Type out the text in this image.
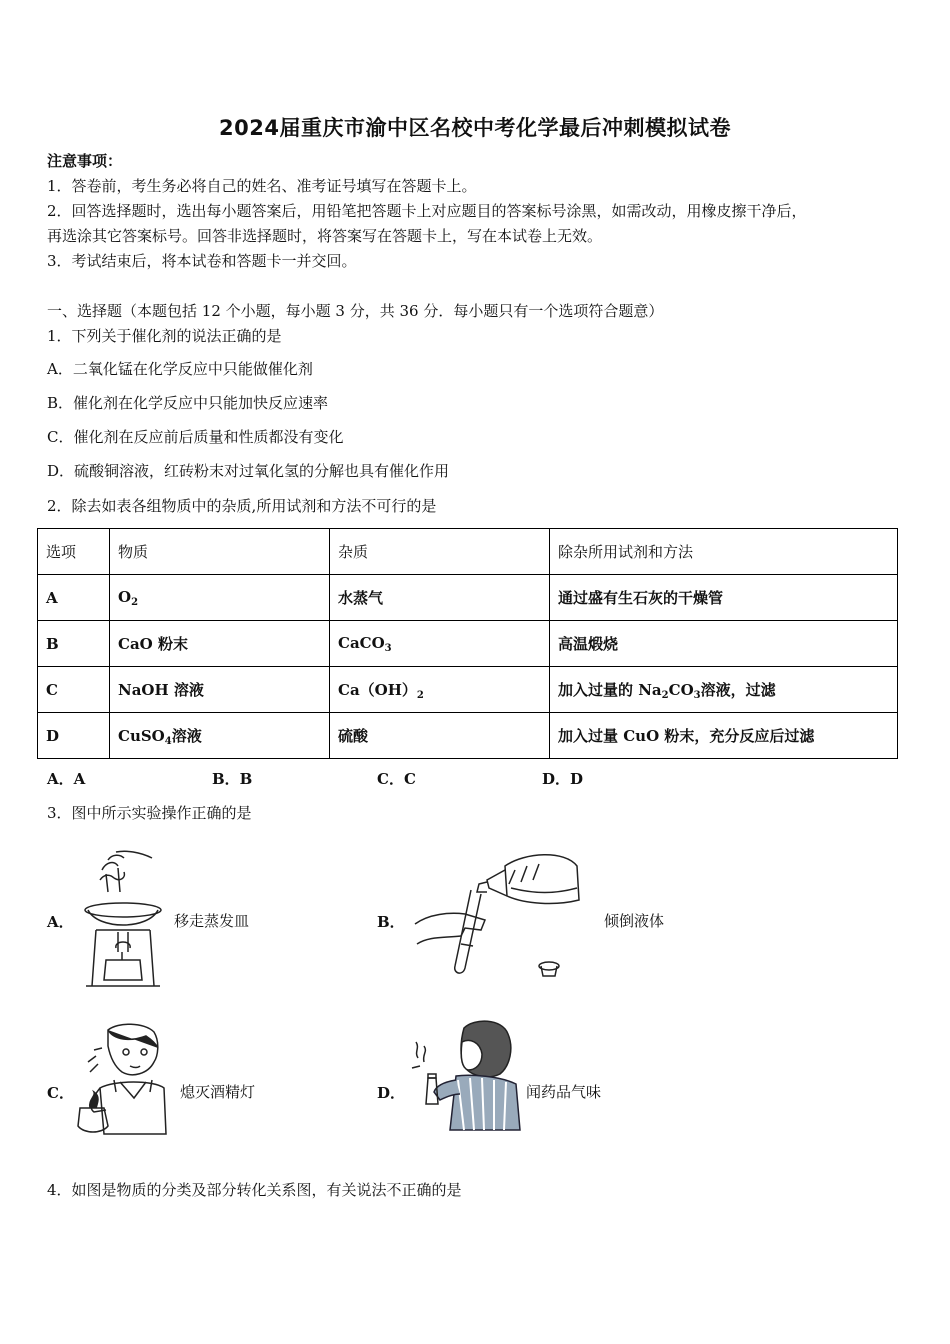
2024届重庆市渝中区名校中考化学最后冲刺模拟试卷
注意事项：
1．答卷前，考生务必将自己的姓名、准考证号填写在答题卡上。
2．回答选择题时，选出每小题答案后，用铅笔把答题卡上对应题目的答案标号涂黑，如需改动，用橡皮擦干净后，
再选涂其它答案标号。回答非选择题时，将答案写在答题卡上，写在本试卷上无效。
3．考试结束后，将本试卷和答题卡一并交回。
一、选择题（本题包括 12 个小题，每小题 3 分，共 36 分．每小题只有一个选项符合题意）
1．下列关于催化剂的说法正确的是
A．二氧化锰在化学反应中只能做催化剂
B．催化剂在化学反应中只能加快反应速率
C．催化剂在反应前后质量和性质都没有变化
D．硫酸铜溶液，红砖粉末对过氧化氢的分解也具有催化作用
2．除去如表各组物质中的杂质,所用试剂和方法不可行的是
选项	物质	杂质	除杂所用试剂和方法
A	$O_2$	水蒸气	通过盛有生石灰的干燥管
B	CaO 粉末	CaCO$_3$	高温煅烧
C	NaOH 溶液	$Ca(OH)_2$	加入过量的 $Na_2CO_3$溶液，过滤
D	CuSO$_4$溶液	硫酸	加入过量 CuO 粉末，充分反应后过滤
A．A	B．B	C．C	D．D
3．图中所示实验操作正确的是
A．	移走蒸发皿	B．	倾倒液体
C．	熄灭酒精灯	D．	闻药品气味
4．如图是物质的分类及部分转化关系图，有关说法不正确的是
